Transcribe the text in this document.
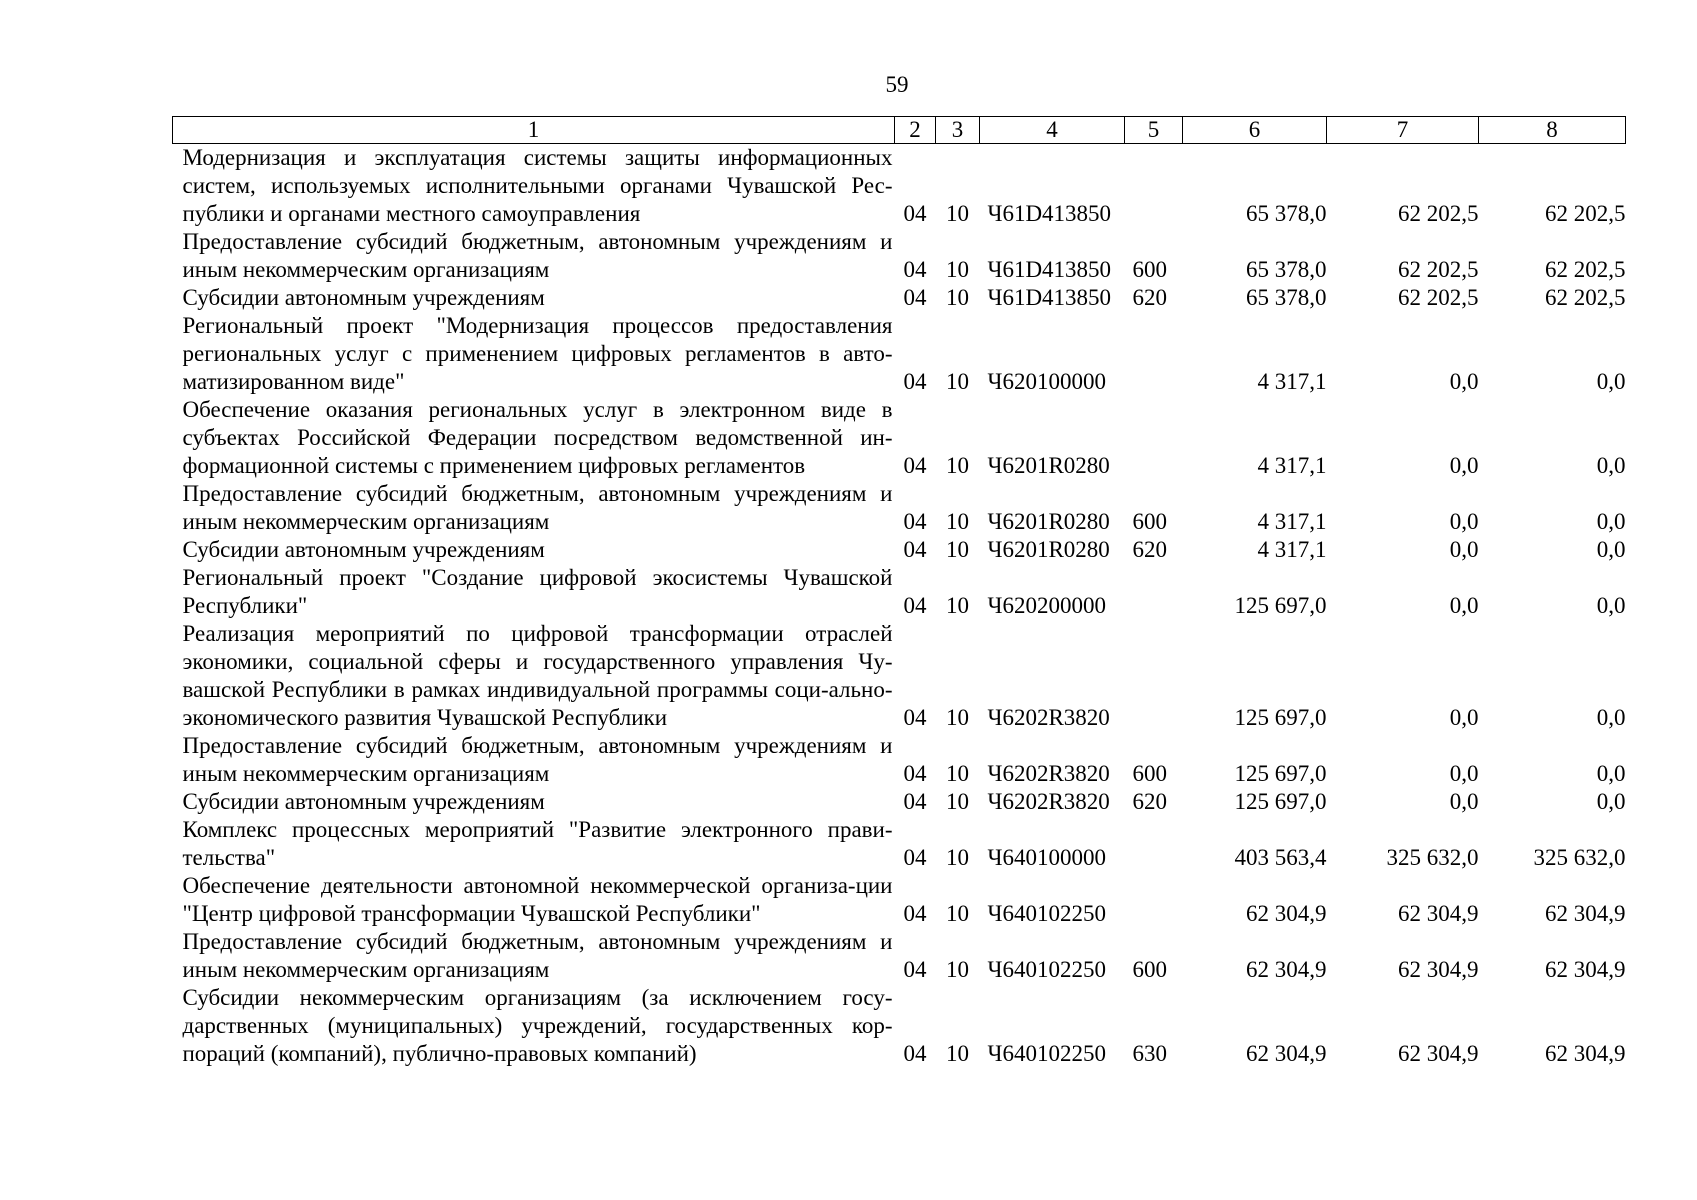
59
1	2	3	4	5	6	7	8
Модернизация и эксплуатация системы защиты информационных систем, используемых исполнительными органами Чувашской Рес-публики и органами местного самоуправления	04	10	Ч61D413850		65 378,0	62 202,5	62 202,5
Предоставление субсидий бюджетным, автономным учреждениям и иным некоммерческим организациям	04	10	Ч61D413850	600	65 378,0	62 202,5	62 202,5
Субсидии автономным учреждениям	04	10	Ч61D413850	620	65 378,0	62 202,5	62 202,5
Региональный проект "Модернизация процессов предоставления региональных услуг с применением цифровых регламентов в авто-матизированном виде"	04	10	Ч620100000		4 317,1	0,0	0,0
Обеспечение оказания региональных услуг в электронном виде в субъектах Российской Федерации посредством ведомственной ин-формационной системы с применением цифровых регламентов	04	10	Ч6201R0280		4 317,1	0,0	0,0
Предоставление субсидий бюджетным, автономным учреждениям и иным некоммерческим организациям	04	10	Ч6201R0280	600	4 317,1	0,0	0,0
Субсидии автономным учреждениям	04	10	Ч6201R0280	620	4 317,1	0,0	0,0
Региональный проект "Создание цифровой экосистемы Чувашской Республики"	04	10	Ч620200000		125 697,0	0,0	0,0
Реализация мероприятий по цифровой трансформации отраслей экономики, социальной сферы и государственного управления Чу-вашской Республики в рамках индивидуальной программы соци-ально-экономического развития Чувашской Республики	04	10	Ч6202R3820		125 697,0	0,0	0,0
Предоставление субсидий бюджетным, автономным учреждениям и иным некоммерческим организациям	04	10	Ч6202R3820	600	125 697,0	0,0	0,0
Субсидии автономным учреждениям	04	10	Ч6202R3820	620	125 697,0	0,0	0,0
Комплекс процессных мероприятий "Развитие электронного прави-тельства"	04	10	Ч640100000		403 563,4	325 632,0	325 632,0
Обеспечение деятельности автономной некоммерческой организа-ции "Центр цифровой трансформации Чувашской Республики"	04	10	Ч640102250		62 304,9	62 304,9	62 304,9
Предоставление субсидий бюджетным, автономным учреждениям и иным некоммерческим организациям	04	10	Ч640102250	600	62 304,9	62 304,9	62 304,9
Субсидии некоммерческим организациям (за исключением госу-дарственных (муниципальных) учреждений, государственных кор-пораций (компаний), публично-правовых компаний)	04	10	Ч640102250	630	62 304,9	62 304,9	62 304,9
